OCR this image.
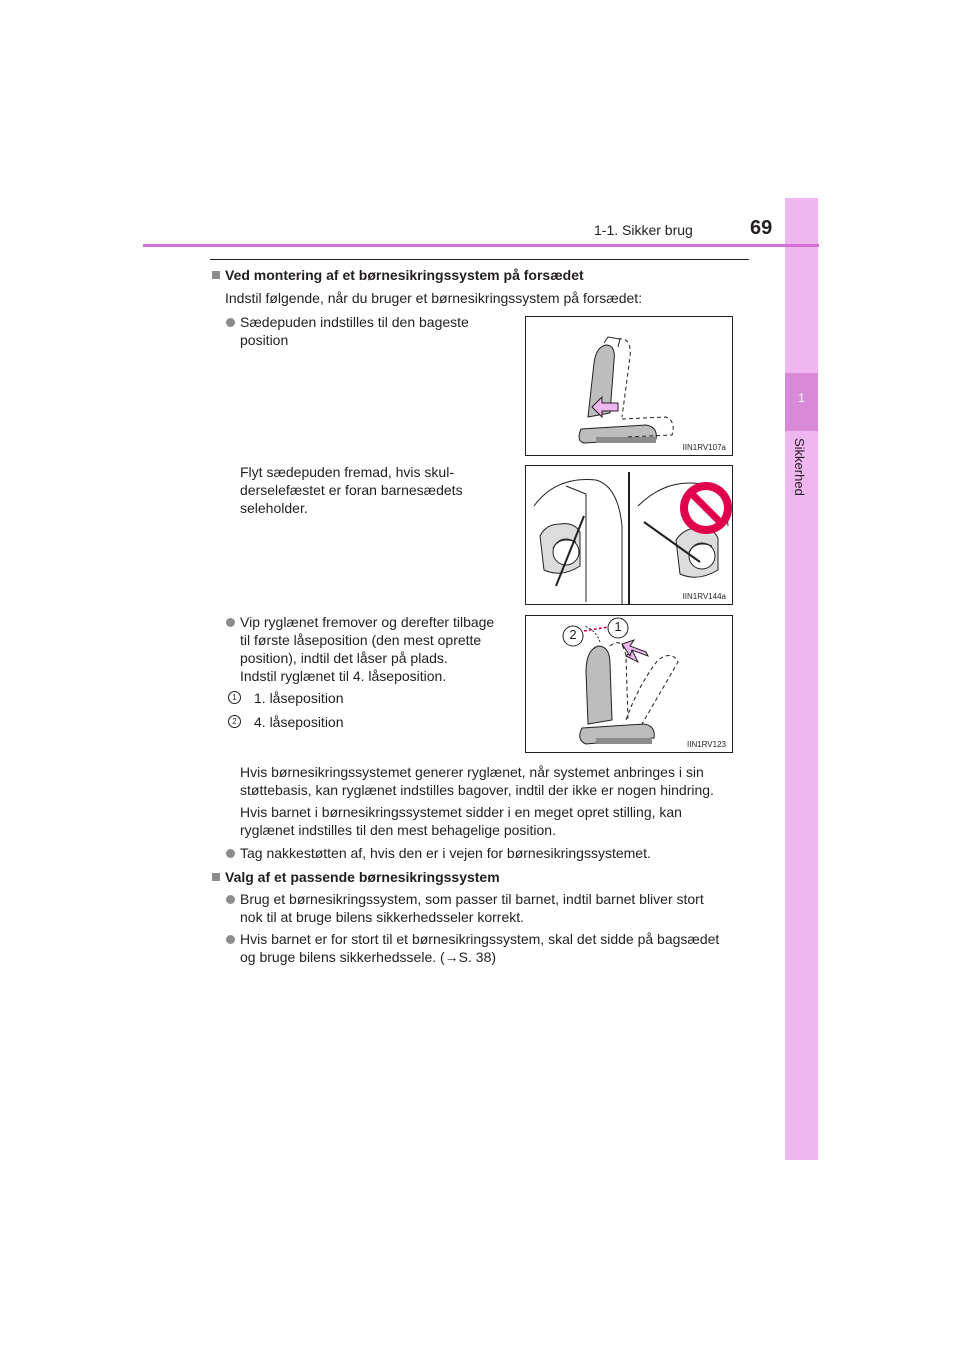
1
Sikkerhed
1-1. Sikker brug	69
Ved montering af et børnesikringssystem på forsædet
Indstil følgende, når du bruger et børnesikringssystem på forsædet:
Sædepuden indstilles til den bageste
position
IIN1RV107a
Flyt sædepuden fremad, hvis skul-
derselefæstet er foran barnesædets
seleholder.
IIN1RV144a
Vip ryglænet fremover og derefter tilbage
til første låseposition (den mest oprette
position), indtil det låser på plads.
Indstil ryglænet til 4. låseposition.
1	1. låseposition
2	4. låseposition
2
1
IIN1RV123
Hvis børnesikringssystemet generer ryglænet, når systemet anbringes i sin
støttebasis, kan ryglænet indstilles bagover, indtil der ikke er nogen hindring.
Hvis barnet i børnesikringssystemet sidder i en meget opret stilling, kan
ryglænet indstilles til den mest behagelige position.
Tag nakkestøtten af, hvis den er i vejen for børnesikringssystemet.
Valg af et passende børnesikringssystem
Brug et børnesikringssystem, som passer til barnet, indtil barnet bliver stort
nok til at bruge bilens sikkerhedsseler korrekt.
Hvis barnet er for stort til et børnesikringssystem, skal det sidde på bagsædet
og bruge bilens sikkerhedssele. (→S. 38)
